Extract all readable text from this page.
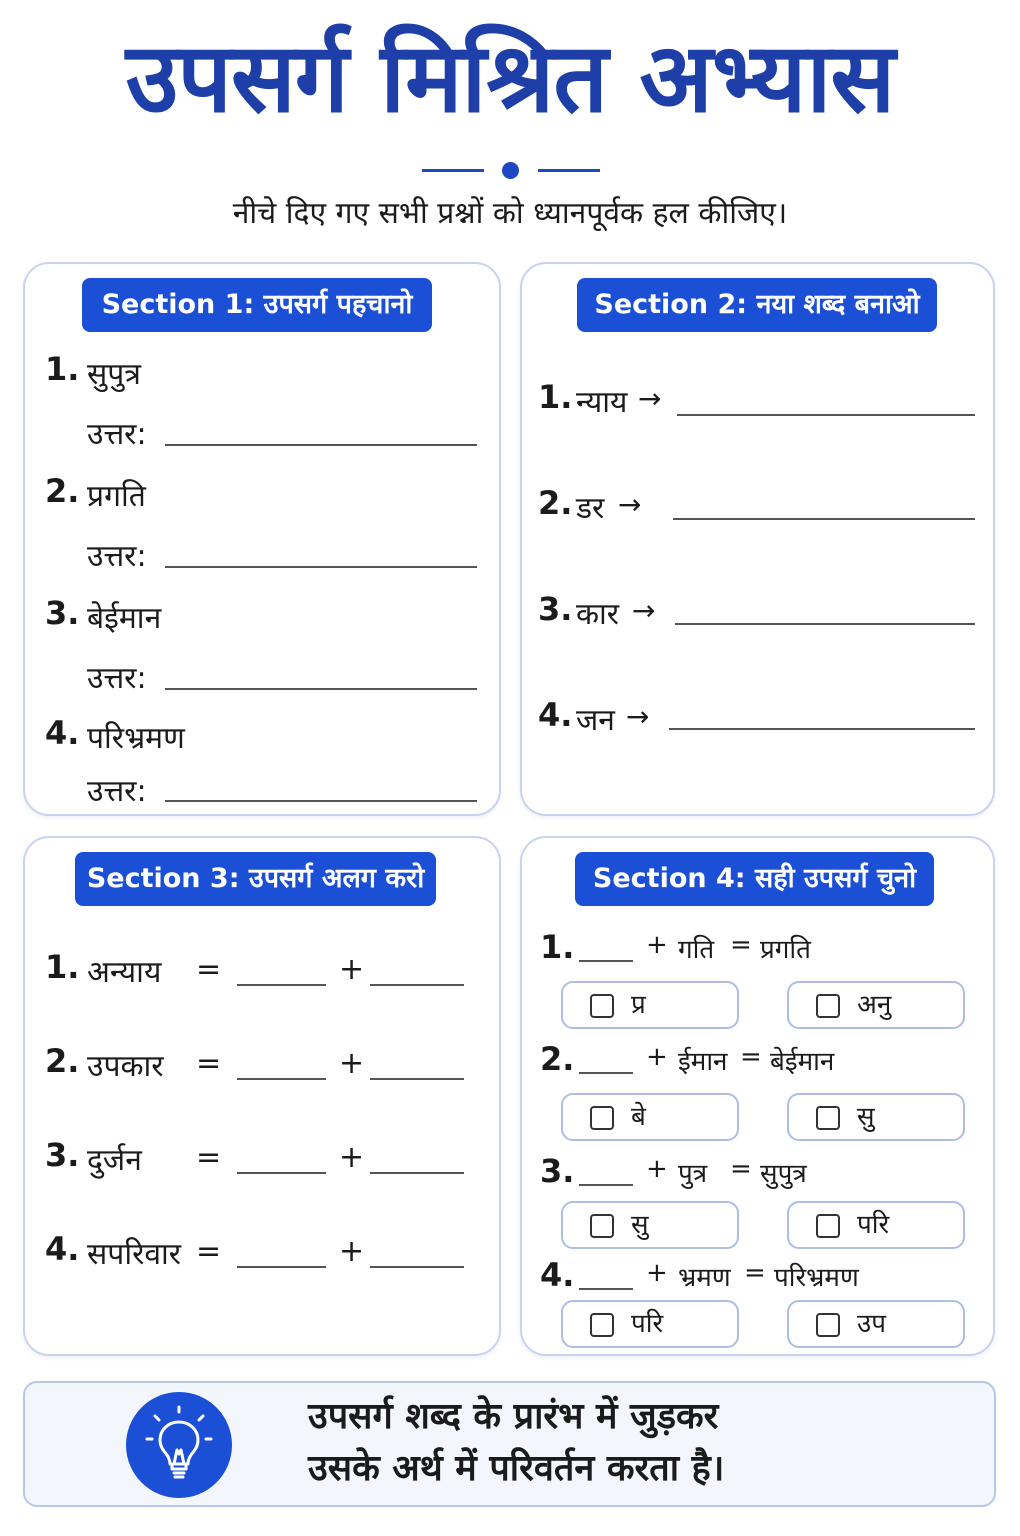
उपसर्ग मिश्रित अभ्यास
नीचे दिए गए सभी प्रश्नों को ध्यानपूर्वक हल कीजिए।
Section 1: उपसर्ग पहचानो
1. सुपुत्र
उत्तर:
2. प्रगति
उत्तर:
3. बेईमान
उत्तर:
4. परिभ्रमण
उत्तर:
Section 2: नया शब्द बनाओ
1. न्याय →
2. डर →
3. कार →
4. जन →
Section 3: उपसर्ग अलग करो
1. अन्याय =	+
2. उपकार =	+
3. दुर्जन =	+
4. सपरिवार =	+
Section 4: सही उपसर्ग चुनो
1.	+ गति = प्रगति
प्र	अनु
2.	+ ईमान = बेईमान
बे	सु
3.	+ पुत्र = सुपुत्र
सु	परि
4.	+ भ्रमण = परिभ्रमण
परि	उप
उपसर्ग शब्द के प्रारंभ में जुड़कर
उसके अर्थ में परिवर्तन करता है।
